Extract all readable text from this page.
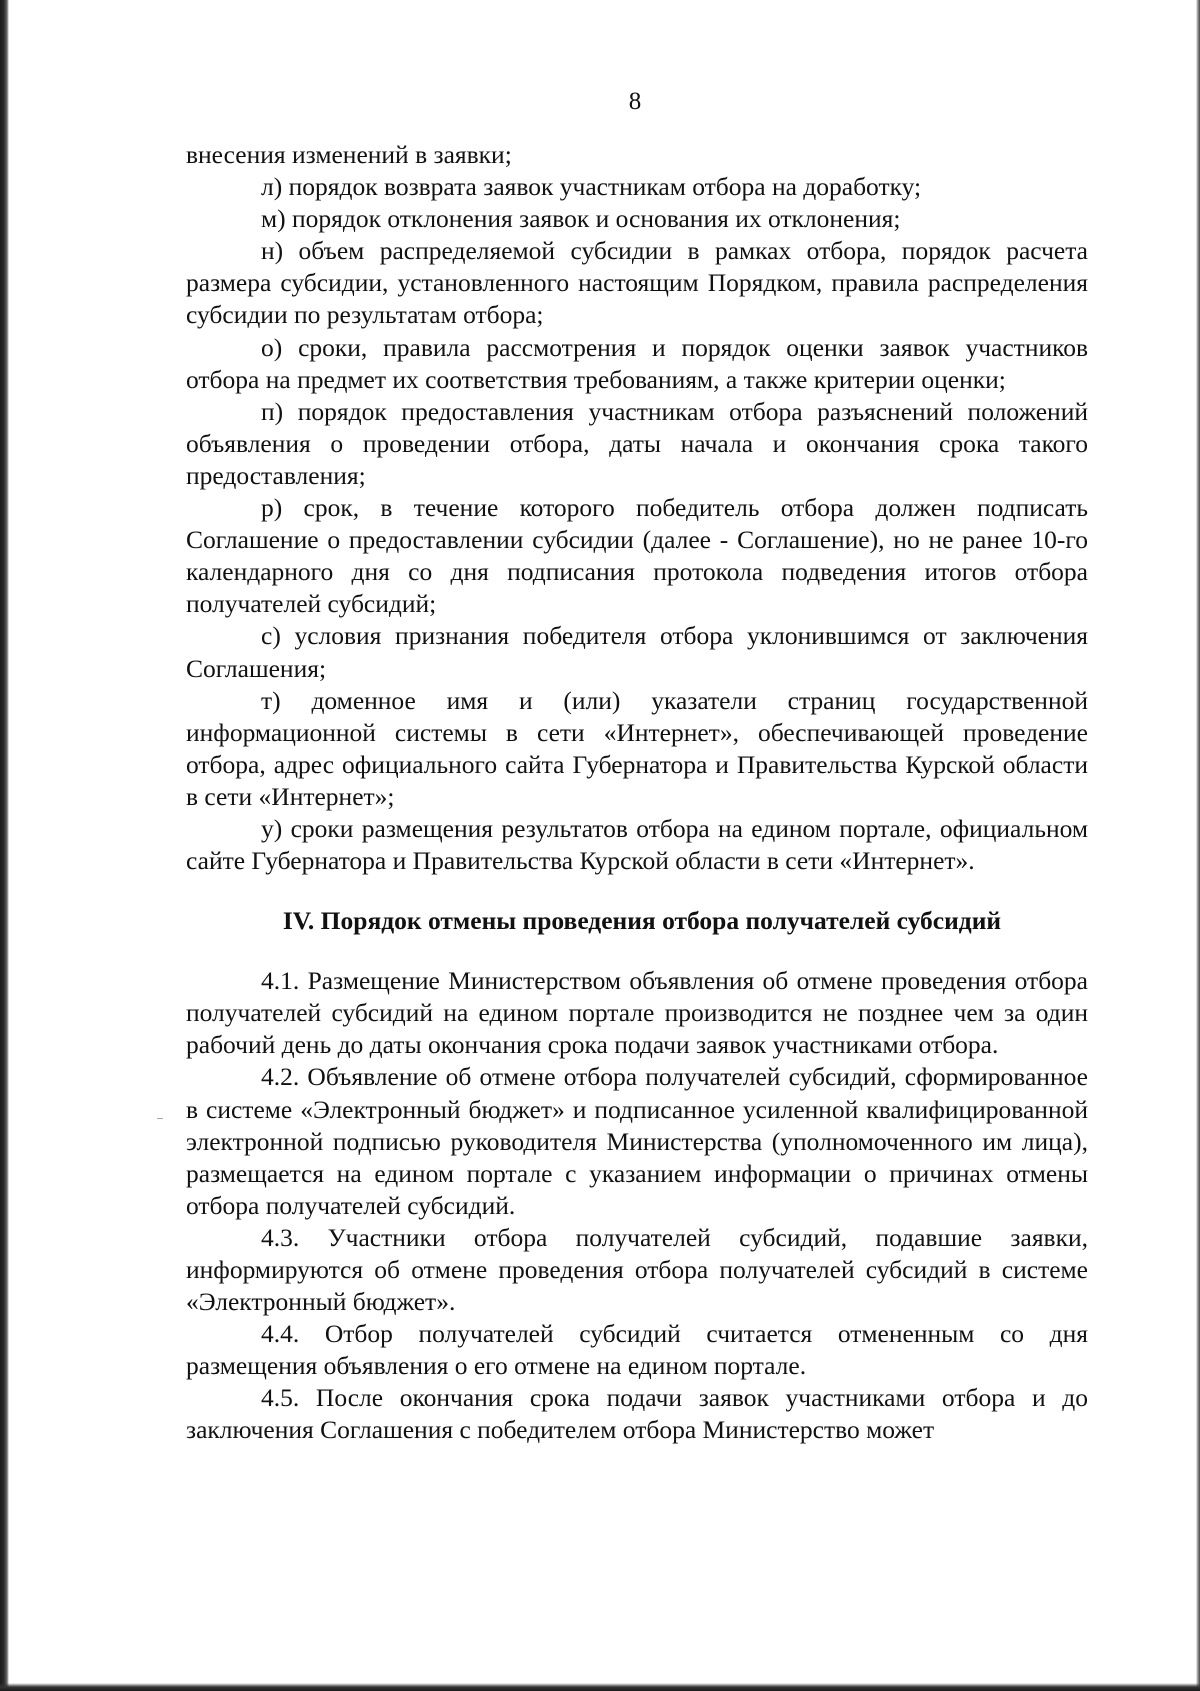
8

внесения изменений в заявки;

л) порядок возврата заявок участникам отбора на доработку;

м) порядок отклонения заявок и основания их отклонения;

н) объем распределяемой субсидии в рамках отбора, порядок расчета размера субсидии, установленного настоящим Порядком, правила распределения субсидии по результатам отбора;

о) сроки, правила рассмотрения и порядок оценки заявок участников отбора на предмет их соответствия требованиям, а также критерии оценки;

п) порядок предоставления участникам отбора разъяснений положений объявления о проведении отбора, даты начала и окончания срока такого предоставления;

р) срок, в течение которого победитель отбора должен подписать Соглашение о предоставлении субсидии (далее - Соглашение), но не ранее 10-го календарного дня со дня подписания протокола подведения итогов отбора получателей субсидий;

с) условия признания победителя отбора уклонившимся от заключения Соглашения;

т) доменное имя и (или) указатели страниц государственной информационной системы в сети «Интернет», обеспечивающей проведение отбора, адрес официального сайта Губернатора и Правительства Курской области в сети «Интернет»;

у) сроки размещения результатов отбора на едином портале, официальном сайте Губернатора и Правительства Курской области в сети «Интернет».

IV. Порядок отмены проведения отбора получателей субсидий

4.1. Размещение Министерством объявления об отмене проведения отбора получателей субсидий на едином портале производится не позднее чем за один рабочий день до даты окончания срока подачи заявок участниками отбора.

4.2. Объявление об отмене отбора получателей субсидий, сформированное в системе «Электронный бюджет» и подписанное усиленной квалифицированной электронной подписью руководителя Министерства (уполномоченного им лица), размещается на едином портале с указанием информации о причинах отмены отбора получателей субсидий.

4.3. Участники отбора получателей субсидий, подавшие заявки, информируются об отмене проведения отбора получателей субсидий в системе «Электронный бюджет».

4.4. Отбор получателей субсидий считается отмененным со дня размещения объявления о его отмене на едином портале.

4.5. После окончания срока подачи заявок участниками отбора и до заключения Соглашения с победителем отбора Министерство может
